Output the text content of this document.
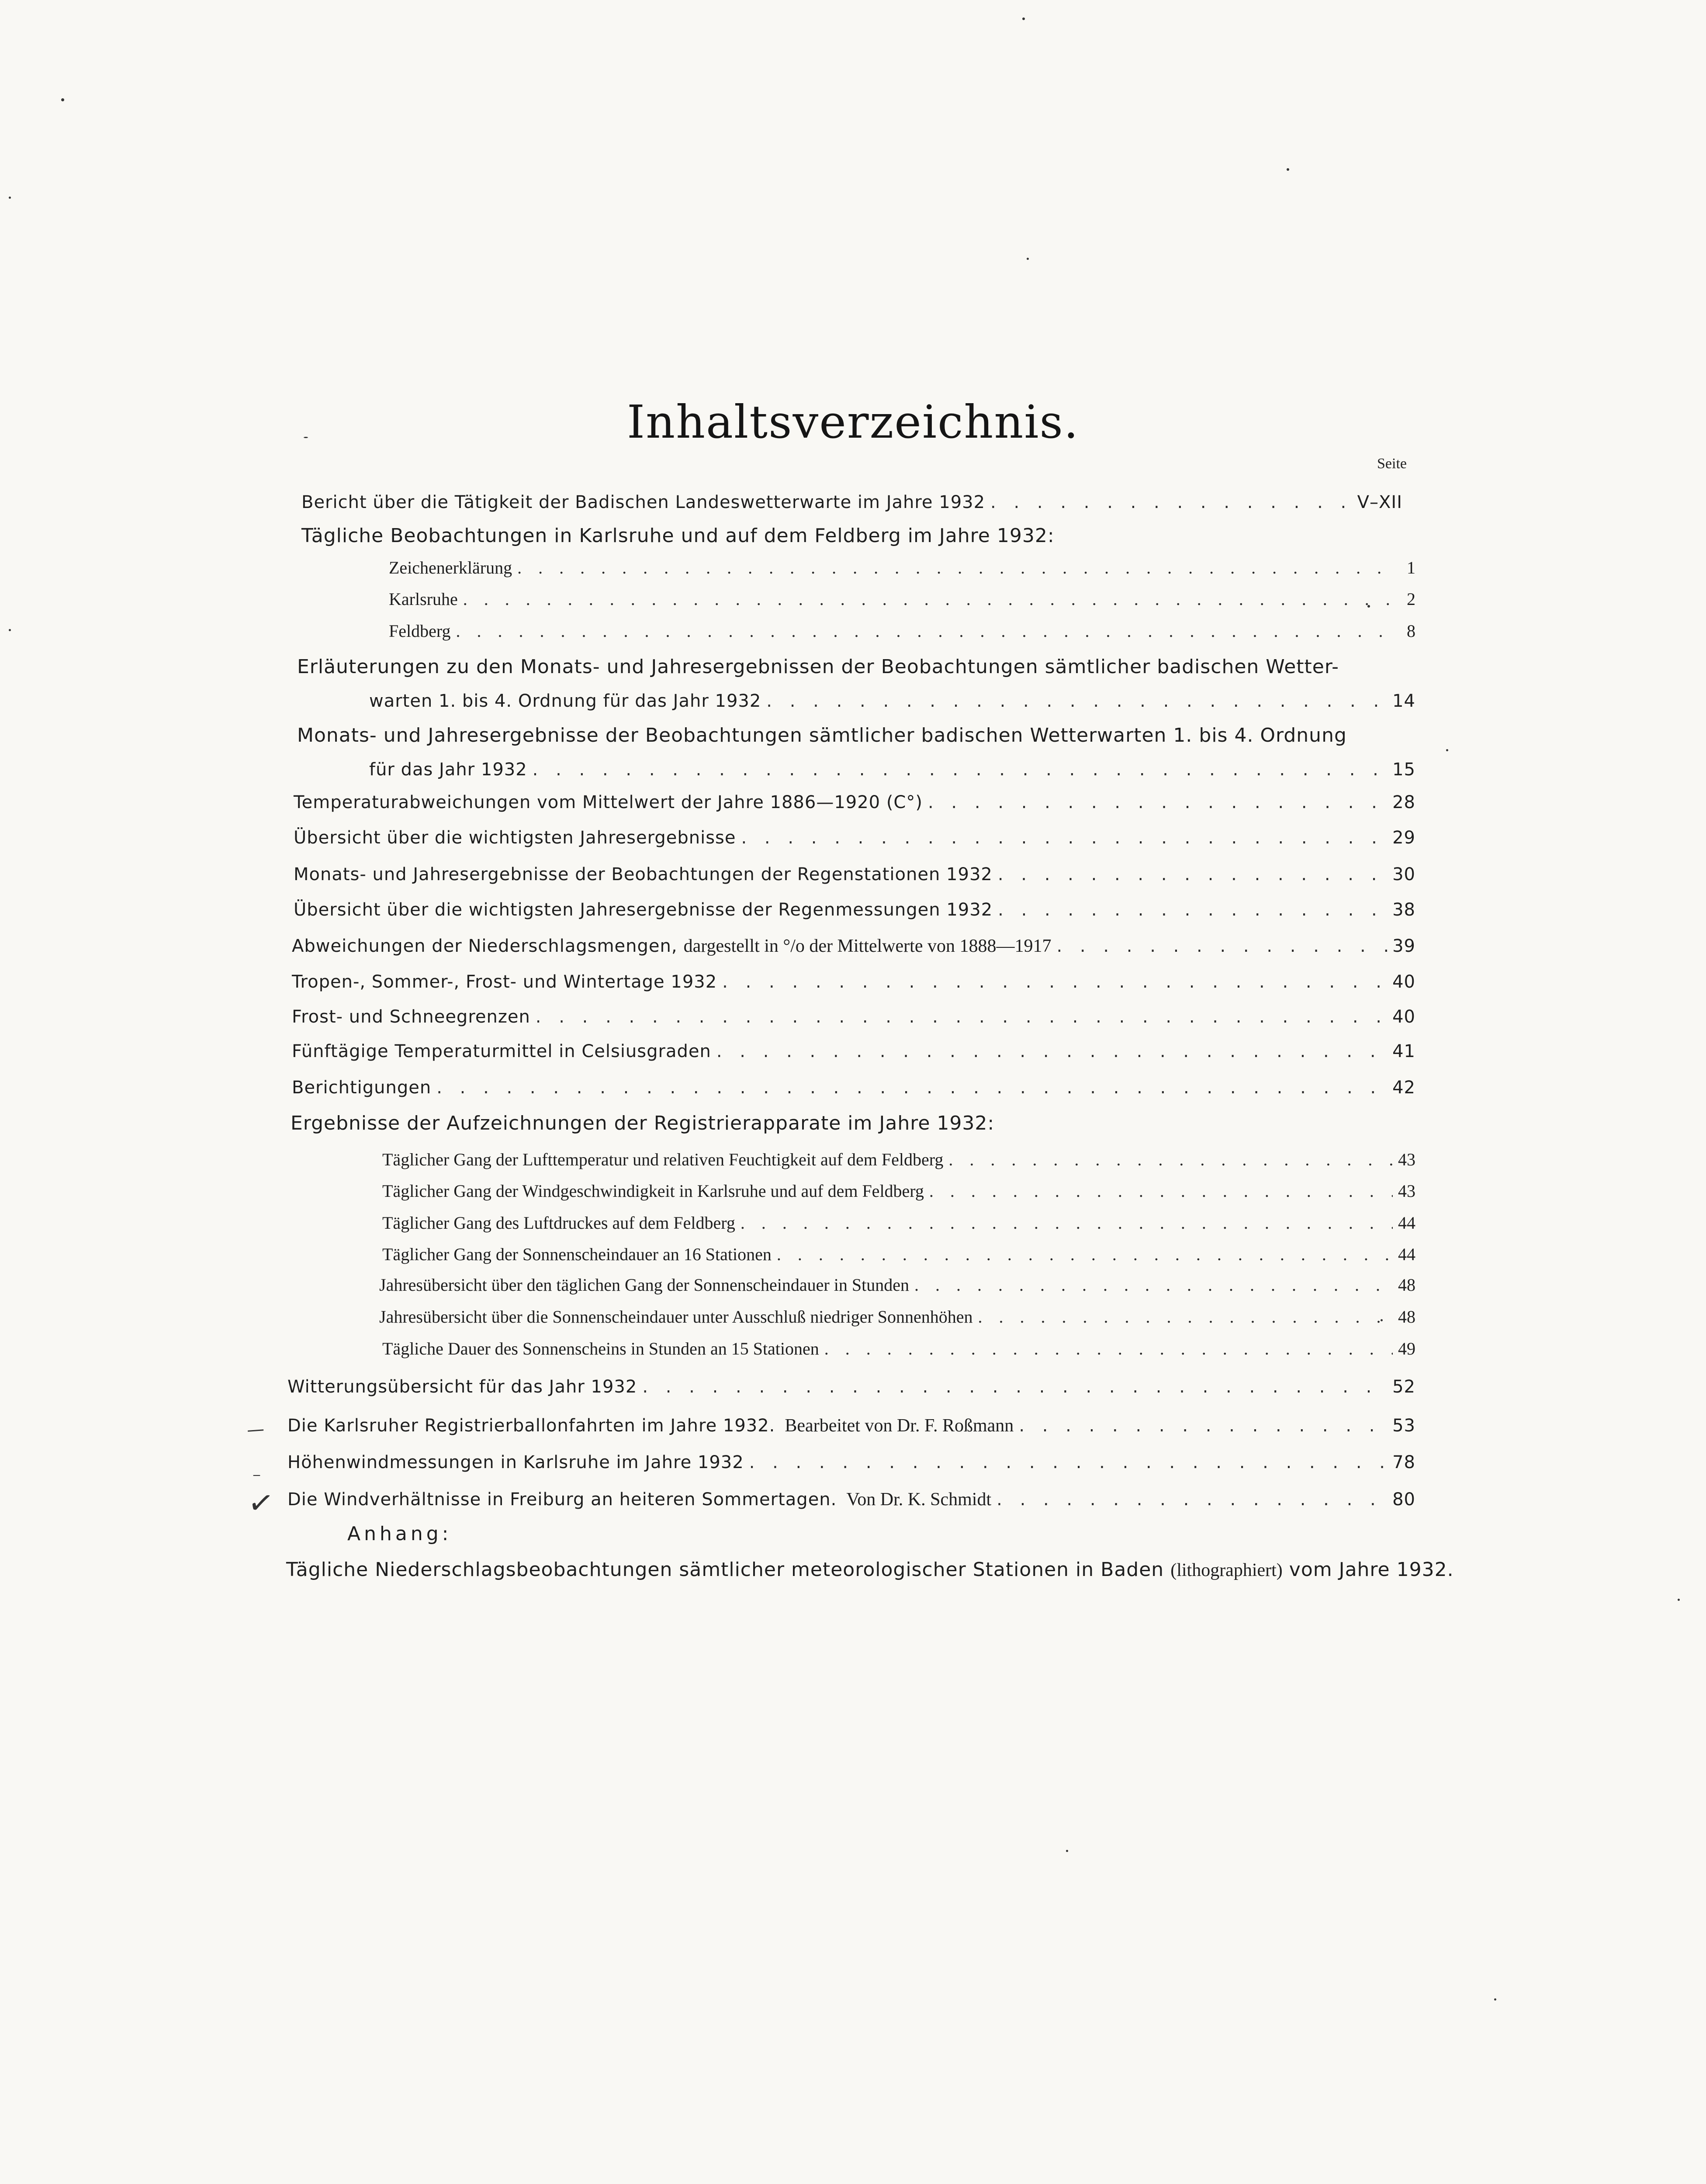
Inhaltsverzeichnis.
Seite
Bericht über die Tätigkeit der Badischen Landeswetterwarte im Jahre 1932 . . .	V–XII
Tägliche Beobachtungen in Karlsruhe und auf dem Feldberg im Jahre 1932:
Zeichenerklärung . . .	1
Karlsruhe . . .	2
Feldberg . . .	8
Erläuterungen zu den Monats- und Jahresergebnissen der Beobachtungen sämtlicher badischen Wetter-
warten 1. bis 4. Ordnung für das Jahr 1932 . . .	14
Monats- und Jahresergebnisse der Beobachtungen sämtlicher badischen Wetterwarten 1. bis 4. Ordnung
für das Jahr 1932 . . .	15
Temperaturabweichungen vom Mittelwert der Jahre 1886—1920 (C°) . . .	28
Übersicht über die wichtigsten Jahresergebnisse . . .	29
Monats- und Jahresergebnisse der Beobachtungen der Regenstationen 1932 . . .	30
Übersicht über die wichtigsten Jahresergebnisse der Regenmessungen 1932 . . .	38
Abweichungen der Niederschlagsmengen, dargestellt in °/o der Mittelwerte von 1888—1917 . . .	39
Tropen-, Sommer-, Frost- und Wintertage 1932 . . .	40
Frost- und Schneegrenzen . . .	40
Fünftägige Temperaturmittel in Celsiusgraden . . .	41
Berichtigungen . . .	42
Ergebnisse der Aufzeichnungen der Registrierapparate im Jahre 1932:
Täglicher Gang der Lufttemperatur und relativen Feuchtigkeit auf dem Feldberg . . .	43
Täglicher Gang der Windgeschwindigkeit in Karlsruhe und auf dem Feldberg . . .	43
Täglicher Gang des Luftdruckes auf dem Feldberg . . .	44
Täglicher Gang der Sonnenscheindauer an 16 Stationen . . .	44
Jahresübersicht über den täglichen Gang der Sonnenscheindauer in Stunden . . .	48
Jahresübersicht über die Sonnenscheindauer unter Ausschluß niedriger Sonnenhöhen . . .	48
Tägliche Dauer des Sonnenscheins in Stunden an 15 Stationen . . .	49
Witterungsübersicht für das Jahr 1932 . . .	52
Die Karlsruher Registrierballonfahrten im Jahre 1932. Bearbeitet von Dr. F. Roßmann . . .	53
Höhenwindmessungen in Karlsruhe im Jahre 1932 . . .	78
Die Windverhältnisse in Freiburg an heiteren Sommertagen. Von Dr. K. Schmidt . . .	80
Anhang:
Tägliche Niederschlagsbeobachtungen sämtlicher meteorologischer Stationen in Baden (lithographiert) vom Jahre 1932.
—
_
✓
